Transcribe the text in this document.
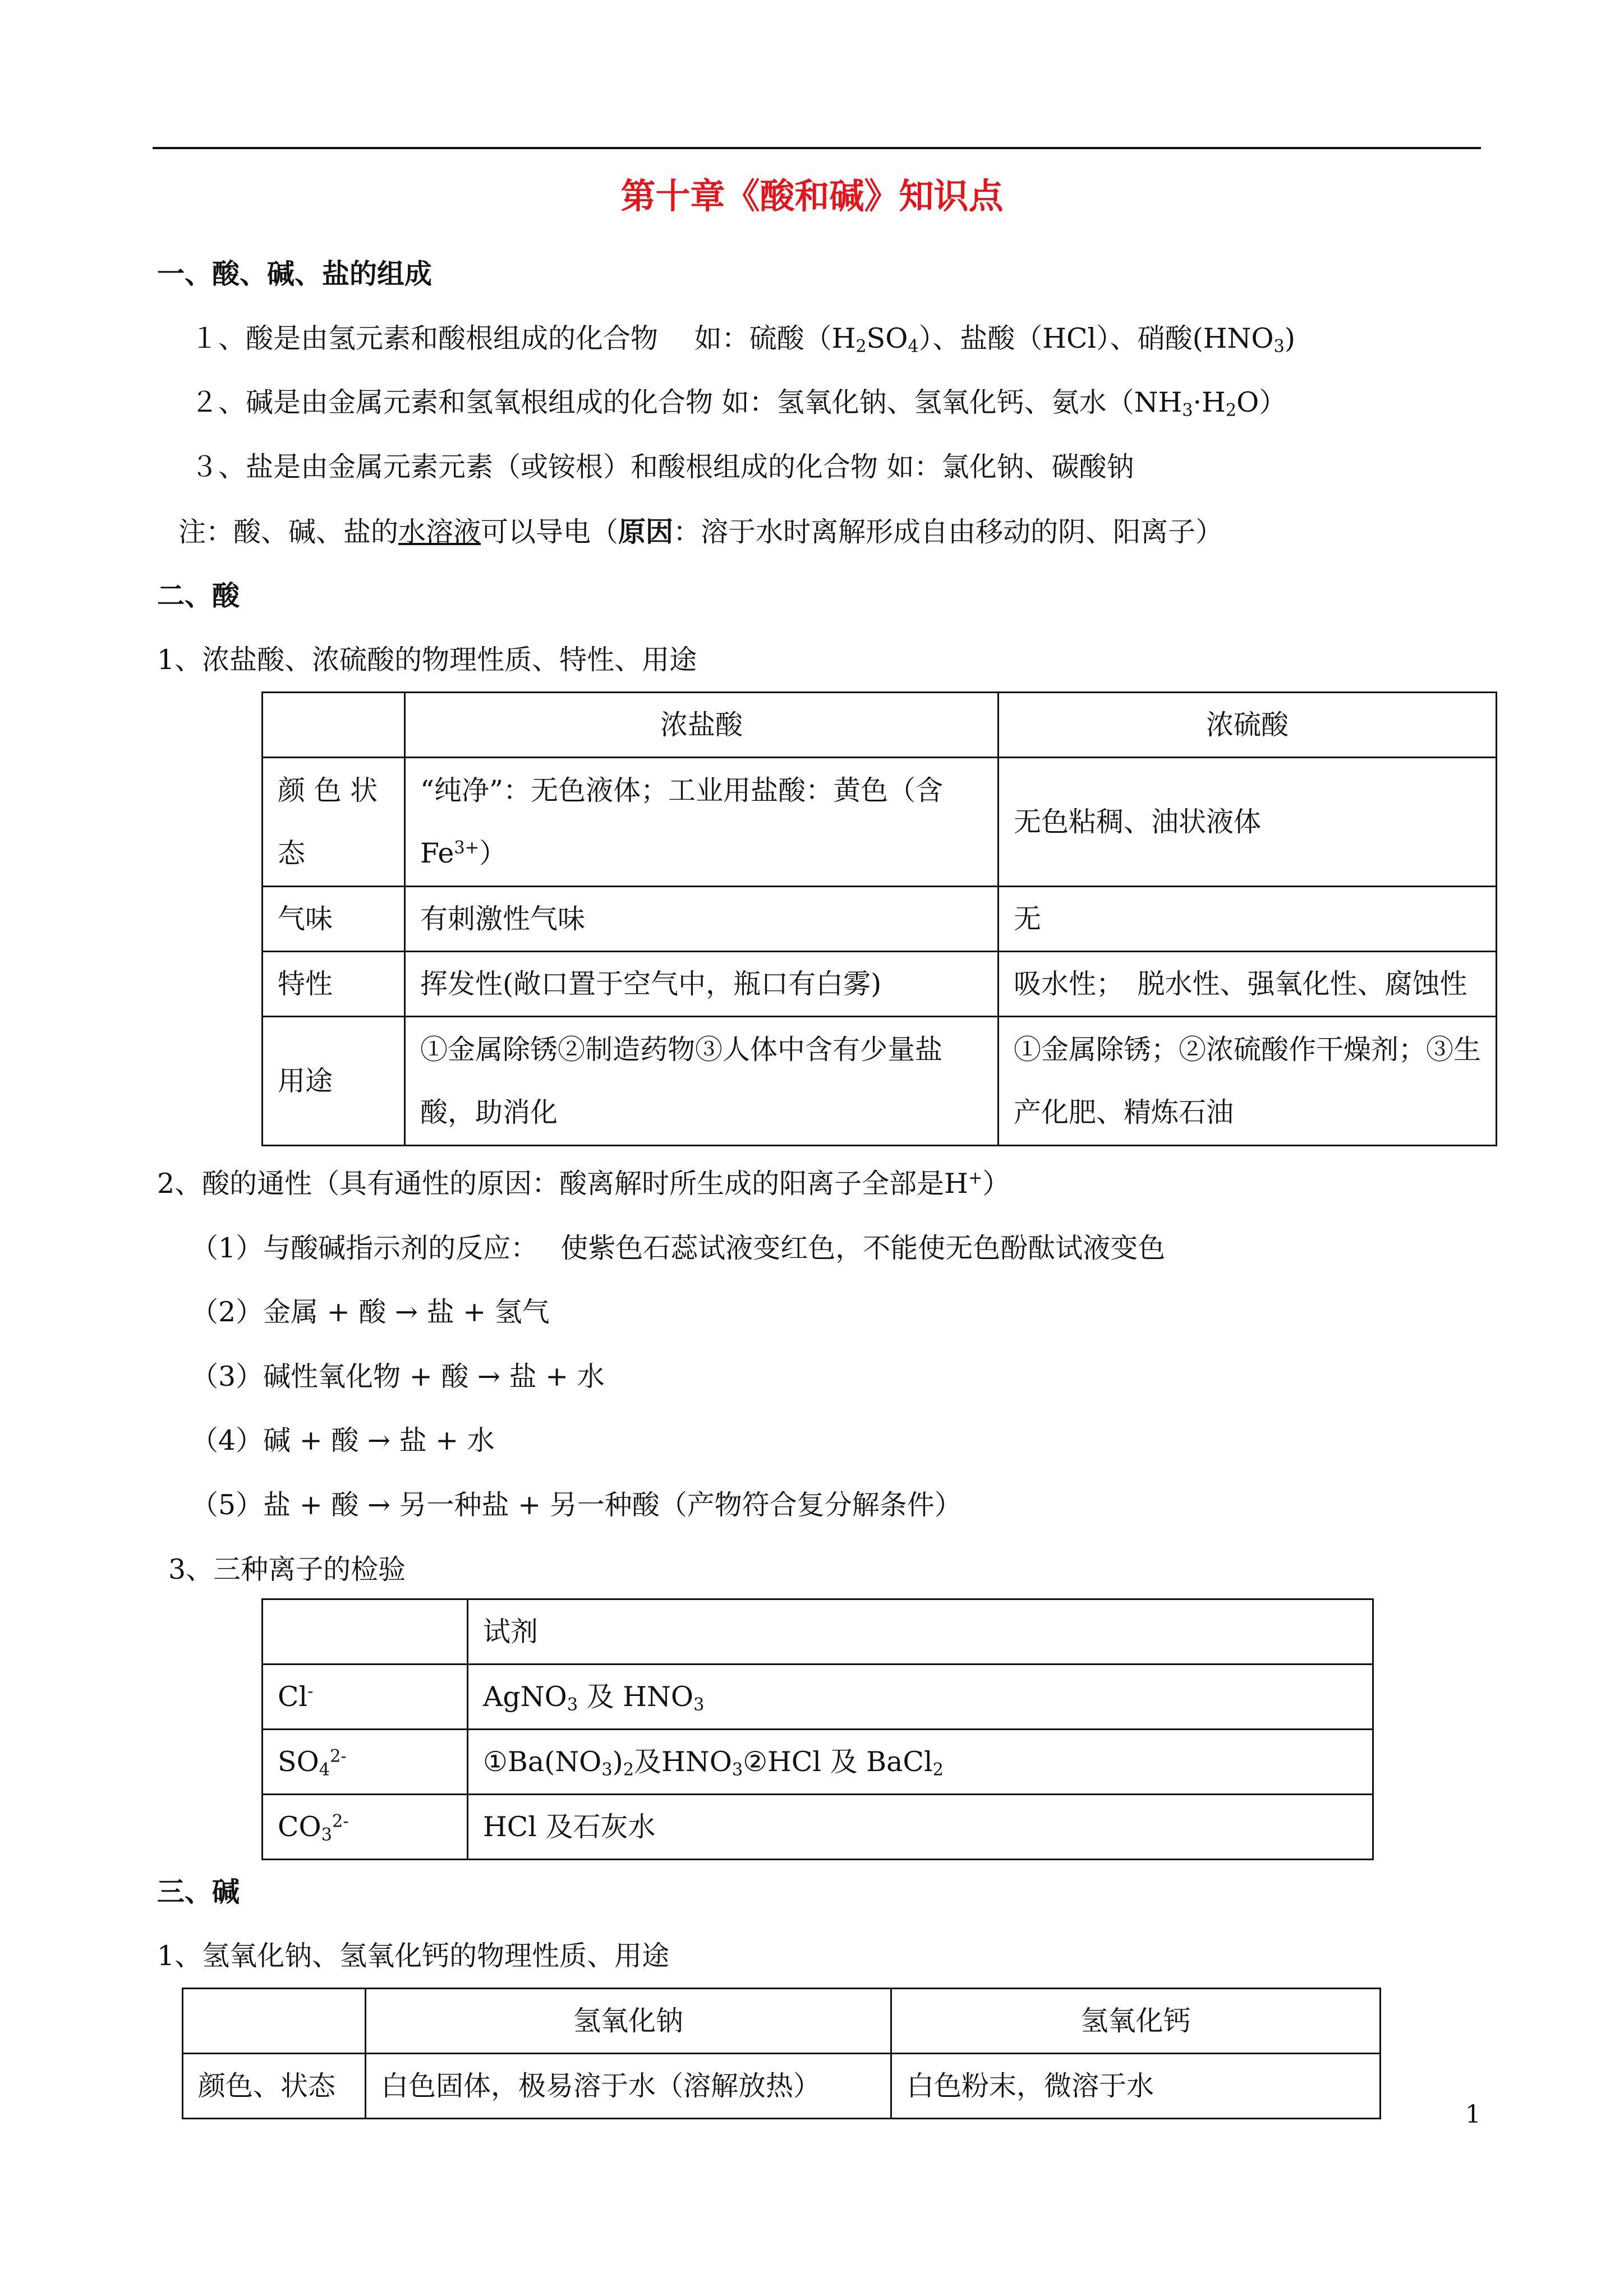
第十章《酸和碱》知识点
一、酸、碱、盐的组成
１、酸是由氢元素和酸根组成的化合物　 如：硫酸$(H_2SO_4)$、盐酸（HCl）、硝酸$(HNO_3)$
２、碱是由金属元素和氢氧根组成的化合物 如：氢氧化钠、氢氧化钙、氨水$(NH_3\cdot H_2O)$
３、盐是由金属元素元素（或铵根）和酸根组成的化合物 如：氯化钠、碳酸钠
注：酸、碱、盐的水溶液可以导电（原因：溶于水时离解形成自由移动的阴、阳离子）
二、酸
1、浓盐酸、浓硫酸的物理性质、特性、用途
	浓盐酸	浓硫酸
颜 色 状态	“纯净”：无色液体；工业用盐酸：黄色（含$Fe^{3+}$）	无色粘稠、油状液体
气味	有刺激性气味	无
特性	挥发性(敞口置于空气中，瓶口有白雾)	吸水性；　脱水性、强氧化性、腐蚀性
用途	①金属除锈②制造药物③人体中含有少量盐酸，助消化	①金属除锈；②浓硫酸作干燥剂；③生产化肥、精炼石油
2、酸的通性（具有通性的原因：酸离解时所生成的阳离子全部是H+）
（1）与酸碱指示剂的反应：　 使紫色石蕊试液变红色，不能使无色酚酞试液变色
（2）金属 + 酸 → 盐 + 氢气
（3）碱性氧化物 + 酸 → 盐 + 水
（4）碱 + 酸 → 盐 + 水
（5）盐 + 酸 → 另一种盐 + 另一种酸（产物符合复分解条件）
3、三种离子的检验
	试剂
Cl-	AgNO$_3$ 及 $HNO_3$
$SO_4^{2-}$	$①Ba(NO_3)_2$及$HNO_3②HCl$ 及 BaCl$_2$
$CO_3^{2-}$	HCl 及石灰水
三、碱
1、氢氧化钠、氢氧化钙的物理性质、用途
	氢氧化钠	氢氧化钙
颜色、状态	白色固体，极易溶于水（溶解放热）	白色粉末，微溶于水
1
